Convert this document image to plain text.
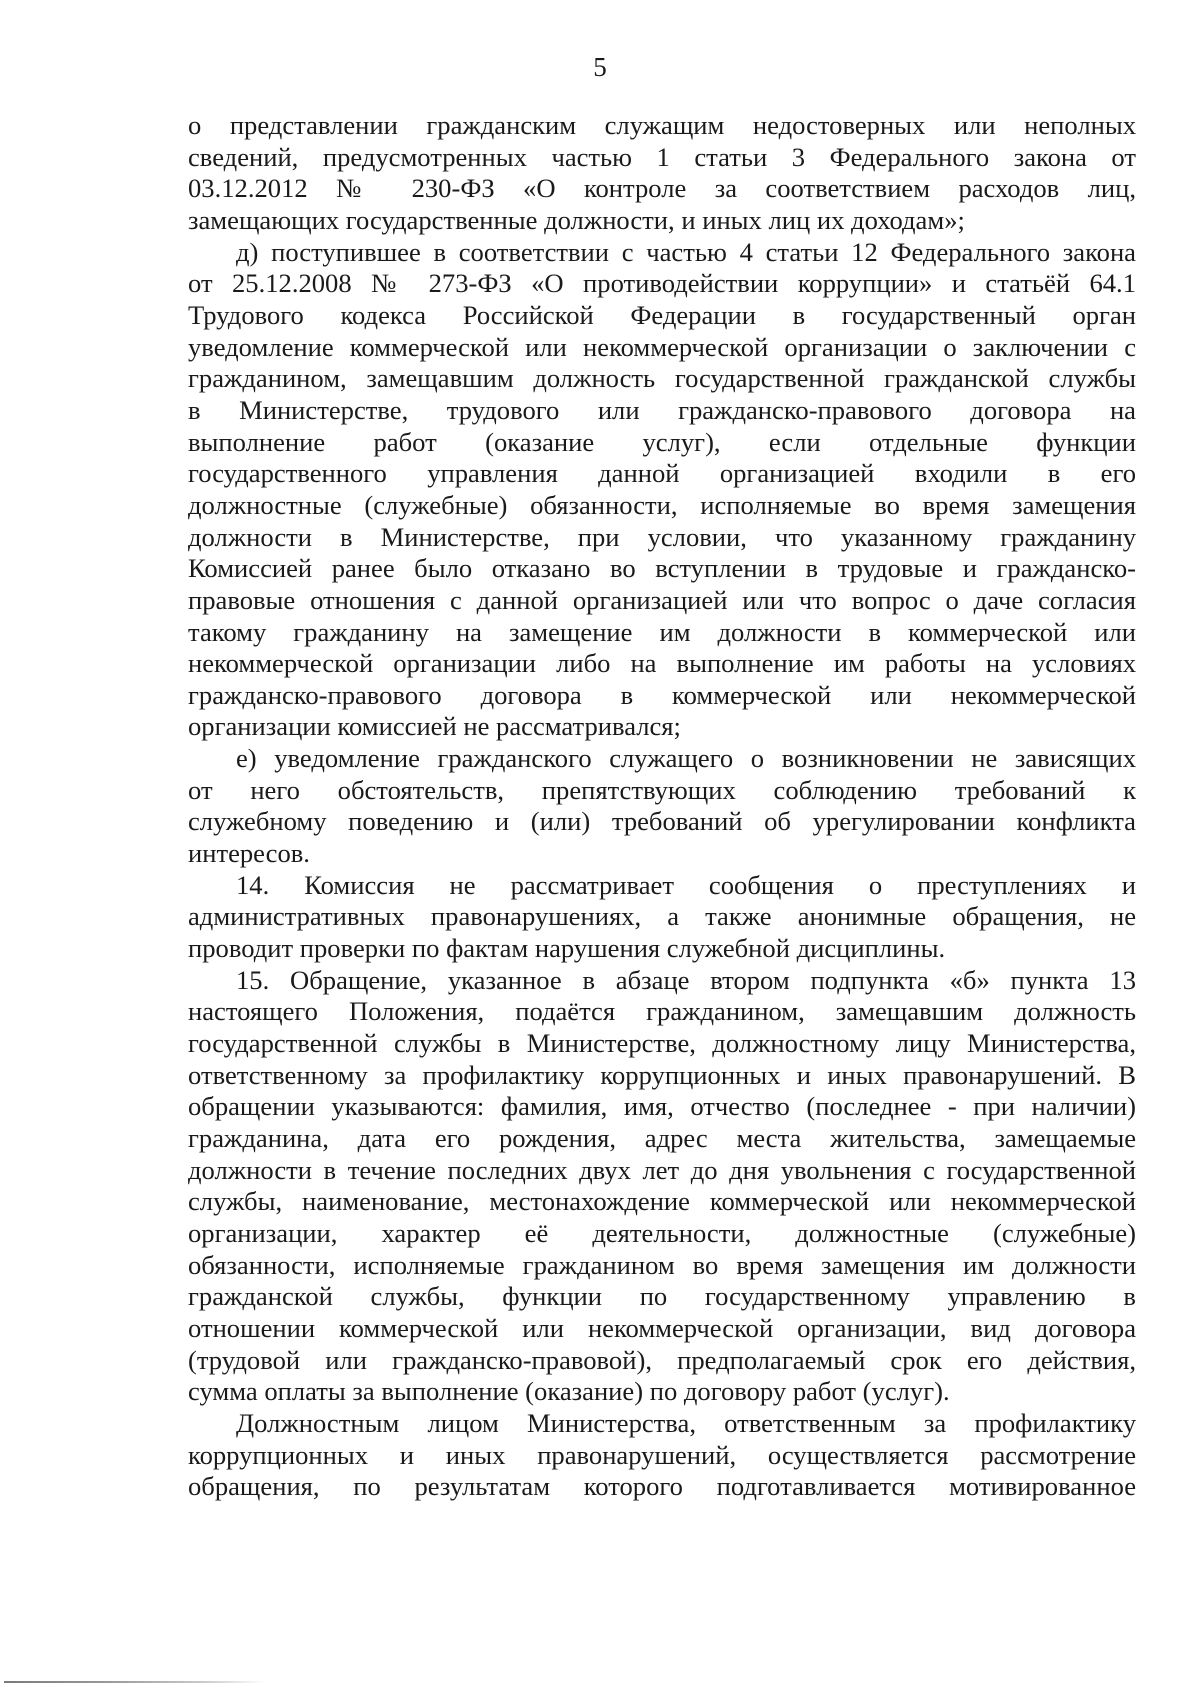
5
о представлении гражданским служащим недостоверных или неполных
сведений, предусмотренных частью 1 статьи 3 Федерального закона от
03.12.2012 № 230-ФЗ «О контроле за соответствием расходов лиц,
замещающих государственные должности, и иных лиц их доходам»;
д) поступившее в соответствии с частью 4 статьи 12 Федерального закона
от 25.12.2008 № 273-ФЗ «О противодействии коррупции» и статьёй 64.1
Трудового кодекса Российской Федерации в государственный орган
уведомление коммерческой или некоммерческой организации о заключении с
гражданином, замещавшим должность государственной гражданской службы
в Министерстве, трудового или гражданско-правового договора на
выполнение работ (оказание услуг), если отдельные функции
государственного управления данной организацией входили в его
должностные (служебные) обязанности, исполняемые во время замещения
должности в Министерстве, при условии, что указанному гражданину
Комиссией ранее было отказано во вступлении в трудовые и гражданско-
правовые отношения с данной организацией или что вопрос о даче согласия
такому гражданину на замещение им должности в коммерческой или
некоммерческой организации либо на выполнение им работы на условиях
гражданско-правового договора в коммерческой или некоммерческой
организации комиссией не рассматривался;
е) уведомление гражданского служащего о возникновении не зависящих
от него обстоятельств, препятствующих соблюдению требований к
служебному поведению и (или) требований об урегулировании конфликта
интересов.
14. Комиссия не рассматривает сообщения о преступлениях и
административных правонарушениях, а также анонимные обращения, не
проводит проверки по фактам нарушения служебной дисциплины.
15. Обращение, указанное в абзаце втором подпункта «б» пункта 13
настоящего Положения, подаётся гражданином, замещавшим должность
государственной службы в Министерстве, должностному лицу Министерства,
ответственному за профилактику коррупционных и иных правонарушений. В
обращении указываются: фамилия, имя, отчество (последнее - при наличии)
гражданина, дата его рождения, адрес места жительства, замещаемые
должности в течение последних двух лет до дня увольнения с государственной
службы, наименование, местонахождение коммерческой или некоммерческой
организации, характер её деятельности, должностные (служебные)
обязанности, исполняемые гражданином во время замещения им должности
гражданской службы, функции по государственному управлению в
отношении коммерческой или некоммерческой организации, вид договора
(трудовой или гражданско-правовой), предполагаемый срок его действия,
сумма оплаты за выполнение (оказание) по договору работ (услуг).
Должностным лицом Министерства, ответственным за профилактику
коррупционных и иных правонарушений, осуществляется рассмотрение
обращения, по результатам которого подготавливается мотивированное
